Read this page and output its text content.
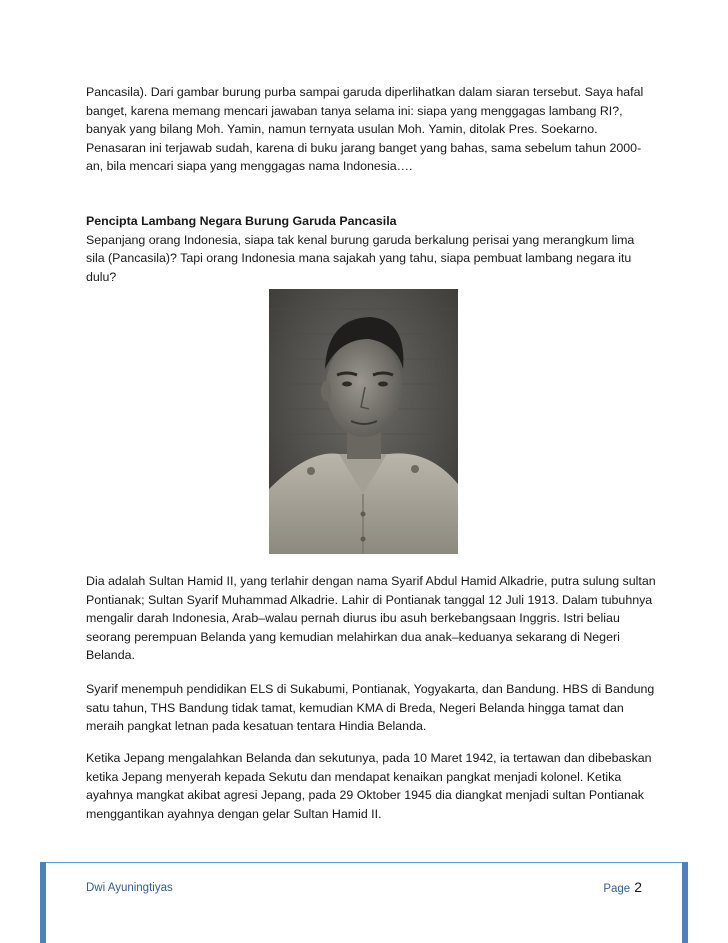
Pancasila). Dari gambar burung purba sampai garuda diperlihatkan dalam siaran tersebut. Saya hafal banget, karena memang mencari jawaban tanya selama ini: siapa yang menggagas lambang RI?, banyak yang bilang Moh. Yamin, namun ternyata usulan Moh. Yamin, ditolak Pres. Soekarno. Penasaran ini terjawab sudah, karena di buku jarang banget yang bahas, sama sebelum tahun 2000-an, bila mencari siapa yang menggagas nama Indonesia….

Pencipta Lambang Negara Burung Garuda Pancasila
Sepanjang orang Indonesia, siapa tak kenal burung garuda berkalung perisai yang merangkum lima sila (Pancasila)? Tapi orang Indonesia mana sajakah yang tahu, siapa pembuat lambang negara itu dulu?

Dia adalah Sultan Hamid II, yang terlahir dengan nama Syarif Abdul Hamid Alkadrie, putra sulung sultan Pontianak; Sultan Syarif Muhammad Alkadrie. Lahir di Pontianak tanggal 12 Juli 1913. Dalam tubuhnya mengalir darah Indonesia, Arab–walau pernah diurus ibu asuh berkebangsaan Inggris. Istri beliau seorang perempuan Belanda yang kemudian melahirkan dua anak–keduanya sekarang di Negeri Belanda.

Syarif menempuh pendidikan ELS di Sukabumi, Pontianak, Yogyakarta, dan Bandung. HBS di Bandung satu tahun, THS Bandung tidak tamat, kemudian KMA di Breda, Negeri Belanda hingga tamat dan meraih pangkat letnan pada kesatuan tentara Hindia Belanda.

Ketika Jepang mengalahkan Belanda dan sekutunya, pada 10 Maret 1942, ia tertawan dan dibebaskan ketika Jepang menyerah kepada Sekutu dan mendapat kenaikan pangkat menjadi kolonel. Ketika ayahnya mangkat akibat agresi Jepang, pada 29 Oktober 1945 dia diangkat menjadi sultan Pontianak menggantikan ayahnya dengan gelar Sultan Hamid II.

Dwi Ayuningtiyas	Page 2
